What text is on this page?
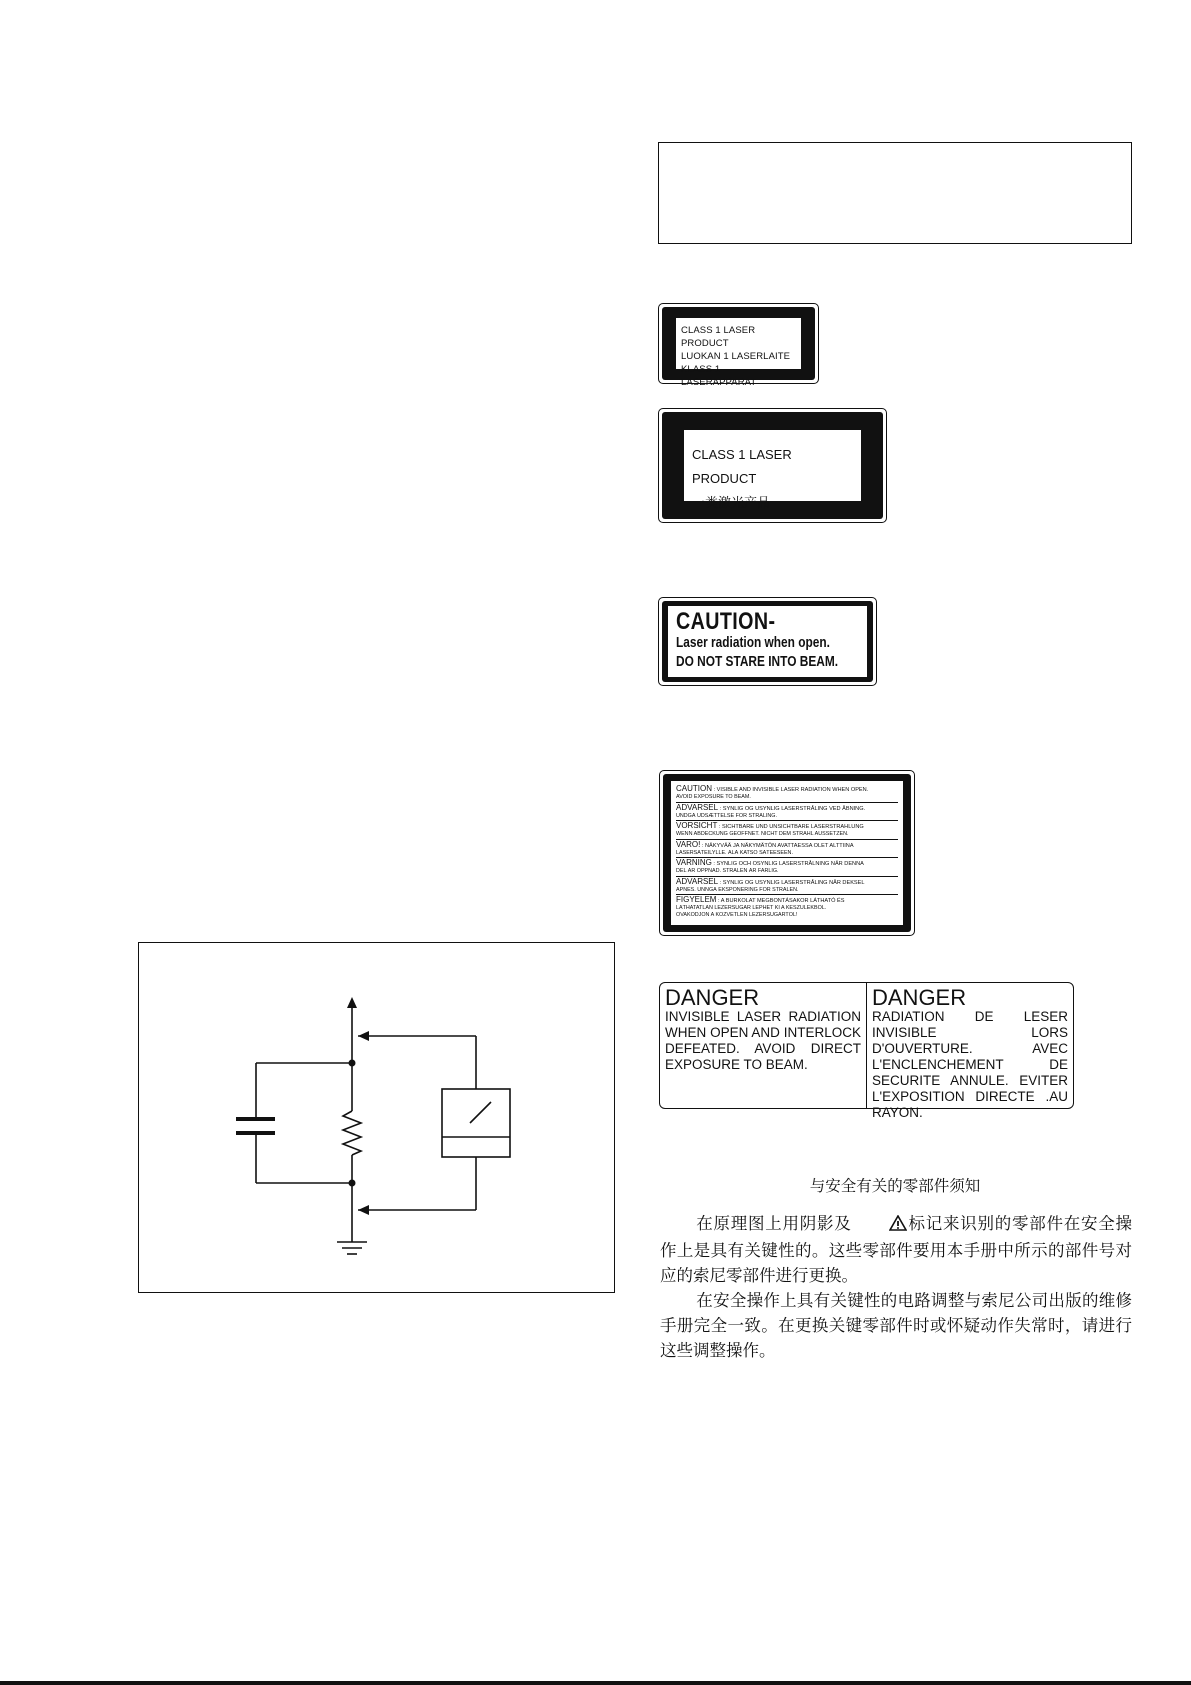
CLASS 1 LASER PRODUCT
LUOKAN 1 LASERLAITE
KLASS 1 LASERAPPARAT
CLASS 1 LASER PRODUCT
一类激光产品
CAUTION-
Laser radiation when open.
DO NOT STARE INTO BEAM.
CAUTION : VISIBLE AND INVISIBLE LASER RADIATION WHEN OPEN.
AVOID EXPOSURE TO BEAM.
ADVARSEL : SYNLIG OG USYNLIG LASERSTRÅLING VED ÅBNING.
UNDGÅ UDSÆTTELSE FOR STRÅLING.
VORSICHT : SICHTBARE UND UNSICHTBARE LASERSTRAHLUNG
WENN ABDECKUNG GEÖFFNET. NICHT DEM STRAHL AUSSETZEN.
VARO! : NÄKYVÄÄ JA NÄKYMÄTÖN AVATTAESSA OLET ALTTIINA
LASERSÄTEILYLLE. ÄLÄ KATSO SÄTEESEEN.
VARNING : SYNLIG OCH OSYNLIG LASERSTRÅLNING NÄR DENNA
DEL ÄR ÖPPNAD. STRÅLEN ÄR FARLIG.
ADVARSEL : SYNLIG OG USYNLIG LASERSTRÅLING NÅR DEKSEL
ÅPNES. UNNGÅ EKSPONERING FOR STRÅLEN.
FIGYELEM : A BURKOLAT MEGBONTÁSAKOR LÁTHATÓ ÉS
LÁTHATATLAN LÉZERSUGÁR LÉPHET KI A KÉSZÜLÉKBŐL.
ÓVAKODJON A KÖZVETLEN LÉZERSUGÁRTÓL!
DANGER
INVISIBLE LASER RADIATION WHEN OPEN AND INTERLOCK DEFEATED. AVOID DIRECT EXPOSURE TO BEAM.
DANGER
RADIATION DE LESER INVISIBLE LORS D'OUVERTURE. AVEC L'ENCLENCHEMENT DE SECURITE ANNULE. EVITER L'EXPOSITION DIRECTE .AU RAYON.
与安全有关的零部件须知

在原理图上用阴影及	标记来识别的零部件在安全操作上是具有关键性的。这些零部件要用本手册中所示的部件号对应的索尼零部件进行更换。

在安全操作上具有关键性的电路调整与索尼公司出版的维修手册完全一致。在更换关键零部件时或怀疑动作失常时，请进行这些调整操作。
